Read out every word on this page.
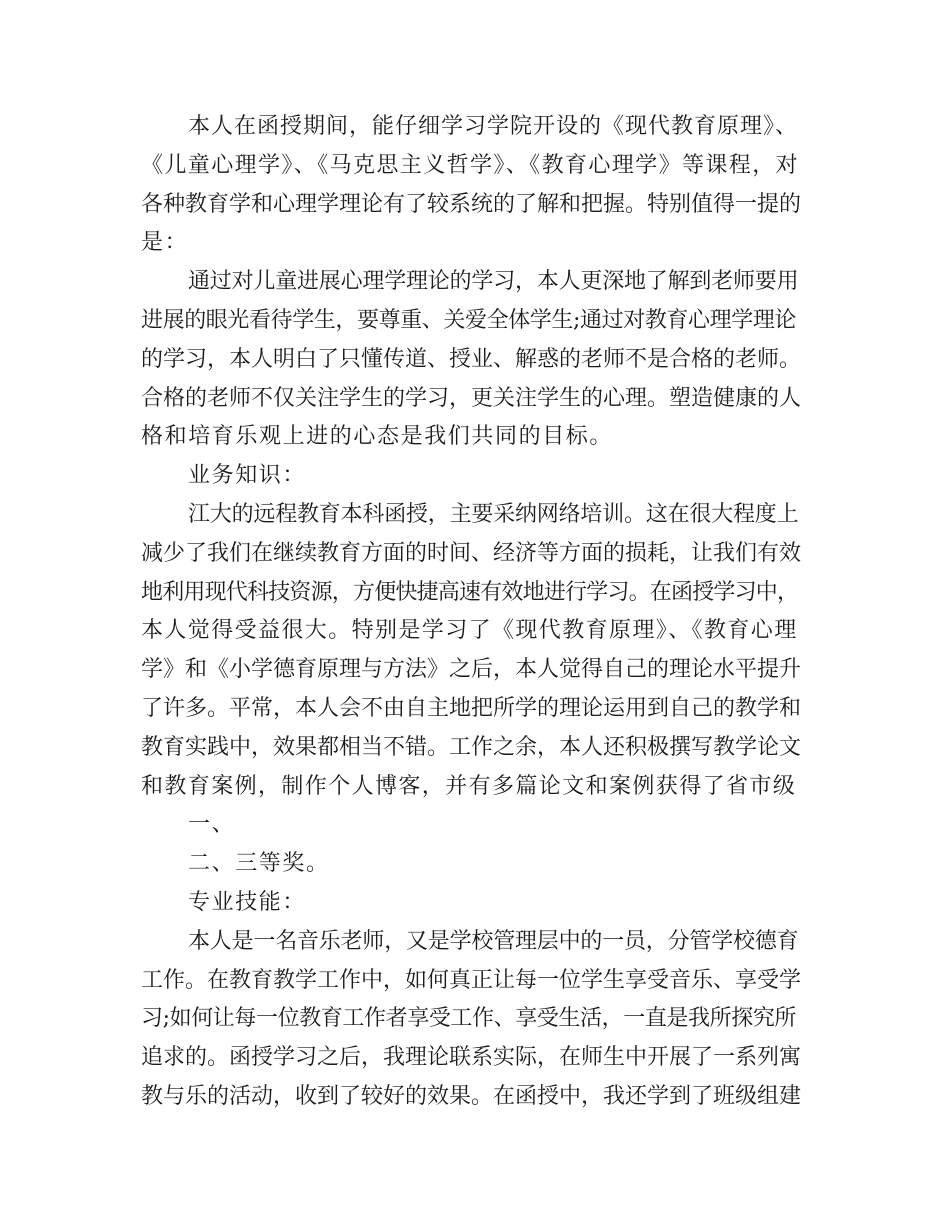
本人在函授期间，能仔细学习学院开设的《现代教育原理》、
《儿童心理学》、《马克思主义哲学》、《教育心理学》等课程，对
各种教育学和心理学理论有了较系统的了解和把握。特别值得一提的
是：
通过对儿童进展心理学理论的学习，本人更深地了解到老师要用
进展的眼光看待学生，要尊重、关爱全体学生;通过对教育心理学理论
的学习，本人明白了只懂传道、授业、解惑的老师不是合格的老师。
合格的老师不仅关注学生的学习，更关注学生的心理。塑造健康的人
格和培育乐观上进的心态是我们共同的目标。
业务知识：
江大的远程教育本科函授，主要采纳网络培训。这在很大程度上
减少了我们在继续教育方面的时间、经济等方面的损耗，让我们有效
地利用现代科技资源，方便快捷高速有效地进行学习。在函授学习中，
本人觉得受益很大。特别是学习了《现代教育原理》、《教育心理
学》和《小学德育原理与方法》之后，本人觉得自己的理论水平提升
了许多。平常，本人会不由自主地把所学的理论运用到自己的教学和
教育实践中，效果都相当不错。工作之余，本人还积极撰写教学论文
和教育案例，制作个人博客，并有多篇论文和案例获得了省市级
一、
二、三等奖。
专业技能：
本人是一名音乐老师，又是学校管理层中的一员，分管学校德育
工作。在教育教学工作中，如何真正让每一位学生享受音乐、享受学
习;如何让每一位教育工作者享受工作、享受生活，一直是我所探究所
追求的。函授学习之后，我理论联系实际，在师生中开展了一系列寓
教与乐的活动，收到了较好的效果。在函授中，我还学到了班级组建
